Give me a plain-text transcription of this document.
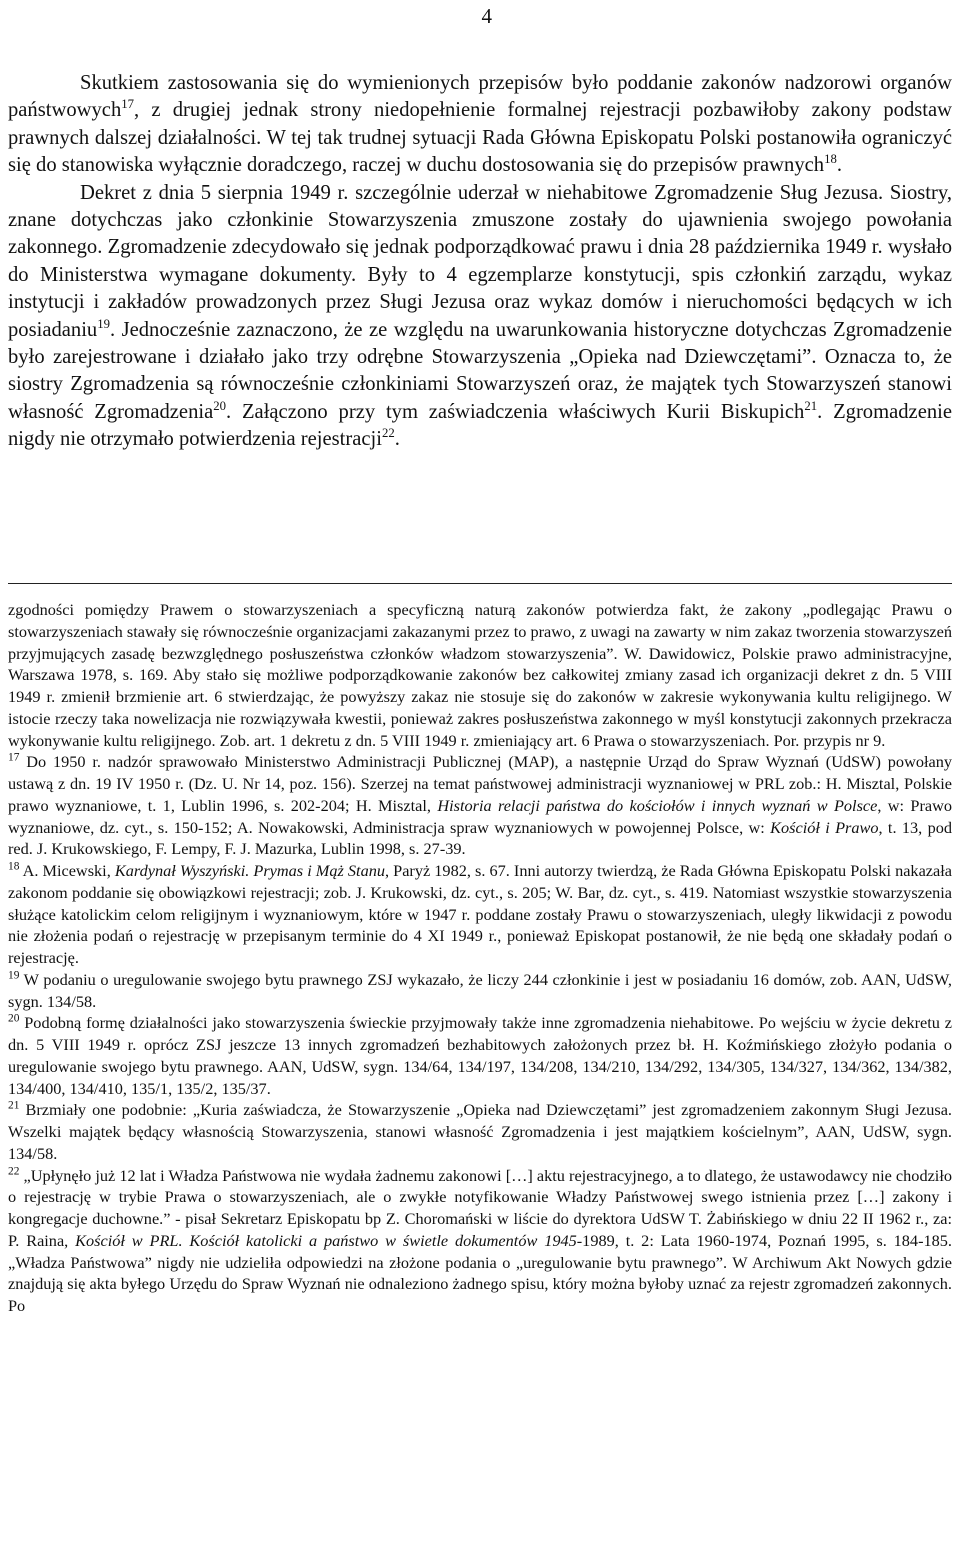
4

Skutkiem zastosowania się do wymienionych przepisów było poddanie zakonów nadzorowi organów państwowych$^{17}$, z drugiej jednak strony niedopełnienie formalnej rejestracji pozbawiłoby zakony podstaw prawnych dalszej działalności. W tej tak trudnej sytuacji Rada Główna Episkopatu Polski postanowiła ograniczyć się do stanowiska wyłącznie doradczego, raczej w duchu dostosowania się do przepisów prawnych$^{18}$.

Dekret z dnia 5 sierpnia 1949 r. szczególnie uderzał w niehabitowe Zgromadzenie Sług Jezusa. Siostry, znane dotychczas jako członkinie Stowarzyszenia zmuszone zostały do ujawnienia swojego powołania zakonnego. Zgromadzenie zdecydowało się jednak podporządkować prawu i dnia 28 października 1949 r. wysłało do Ministerstwa wymagane dokumenty. Były to 4 egzemplarze konstytucji, spis członkiń zarządu, wykaz instytucji i zakładów prowadzonych przez Sługi Jezusa oraz wykaz domów i nieruchomości będących w ich posiadaniu$^{19}$. Jednocześnie zaznaczono, że ze względu na uwarunkowania historyczne dotychczas Zgromadzenie było zarejestrowane i działało jako trzy odrębne Stowarzyszenia „Opieka nad Dziewczętami”. Oznacza to, że siostry Zgromadzenia są równocześnie członkiniami Stowarzyszeń oraz, że majątek tych Stowarzyszeń stanowi własność Zgromadzenia$^{20}$. Załączono przy tym zaświadczenia właściwych Kurii Biskupich$^{21}$. Zgromadzenie nigdy nie otrzymało potwierdzenia rejestracji$^{22}$.

zgodności pomiędzy Prawem o stowarzyszeniach a specyficzną naturą zakonów potwierdza fakt, że zakony „podlegając Prawu o stowarzyszeniach stawały się równocześnie organizacjami zakazanymi przez to prawo, z uwagi na zawarty w nim zakaz tworzenia stowarzyszeń przyjmujących zasadę bezwzględnego posłuszeństwa członków władzom stowarzyszenia”. W. Dawidowicz, Polskie prawo administracyjne, Warszawa 1978, s. 169. Aby stało się możliwe podporządkowanie zakonów bez całkowitej zmiany zasad ich organizacji dekret z dn. 5 VIII 1949 r. zmienił brzmienie art. 6 stwierdzając, że powyższy zakaz nie stosuje się do zakonów w zakresie wykonywania kultu religijnego. W istocie rzeczy taka nowelizacja nie rozwiązywała kwestii, ponieważ zakres posłuszeństwa zakonnego w myśl konstytucji zakonnych przekracza wykonywanie kultu religijnego. Zob. art. 1 dekretu z dn. 5 VIII 1949 r. zmieniający art. 6 Prawa o stowarzyszeniach. Por. przypis nr 9.

$^{17}$ Do 1950 r. nadzór sprawowało Ministerstwo Administracji Publicznej (MAP), a następnie Urząd do Spraw Wyznań (UdSW) powołany ustawą z dn. 19 IV 1950 r. (Dz. U. Nr 14, poz. 156). Szerzej na temat państwowej administracji wyznaniowej w PRL zob.: H. Misztal, Polskie prawo wyznaniowe, t. 1, Lublin 1996, s. 202-204; H. Misztal, Historia relacji państwa do kościołów i innych wyznań w Polsce, w: Prawo wyznaniowe, dz. cyt., s. 150-152; A. Nowakowski, Administracja spraw wyznaniowych w powojennej Polsce, w: Kościół i Prawo, t. 13, pod red. J. Krukowskiego, F. Lempy, F. J. Mazurka, Lublin 1998, s. 27-39.

$^{18}$ A. Micewski, Kardynał Wyszyński. Prymas i Mąż Stanu, Paryż 1982, s. 67. Inni autorzy twierdzą, że Rada Główna Episkopatu Polski nakazała zakonom poddanie się obowiązkowi rejestracji; zob. J. Krukowski, dz. cyt., s. 205; W. Bar, dz. cyt., s. 419. Natomiast wszystkie stowarzyszenia służące katolickim celom religijnym i wyznaniowym, które w 1947 r. poddane zostały Prawu o stowarzyszeniach, uległy likwidacji z powodu nie złożenia podań o rejestrację w przepisanym terminie do 4 XI 1949 r., ponieważ Episkopat postanowił, że nie będą one składały podań o rejestrację.

$^{19}$ W podaniu o uregulowanie swojego bytu prawnego ZSJ wykazało, że liczy 244 członkinie i jest w posiadaniu 16 domów, zob. AAN, UdSW, sygn. 134/58.

$^{20}$ Podobną formę działalności jako stowarzyszenia świeckie przyjmowały także inne zgromadzenia niehabitowe. Po wejściu w życie dekretu z dn. 5 VIII 1949 r. oprócz ZSJ jeszcze 13 innych zgromadzeń bezhabitowych założonych przez bł. H. Koźmińskiego złożyło podania o uregulowanie swojego bytu prawnego. AAN, UdSW, sygn. 134/64, 134/197, 134/208, 134/210, 134/292, 134/305, 134/327, 134/362, 134/382, 134/400, 134/410, 135/1, 135/2, 135/37.

$^{21}$ Brzmiały one podobnie: „Kuria zaświadcza, że Stowarzyszenie „Opieka nad Dziewczętami” jest zgromadzeniem zakonnym Sługi Jezusa. Wszelki majątek będący własnością Stowarzyszenia, stanowi własność Zgromadzenia i jest majątkiem kościelnym”, AAN, UdSW, sygn. 134/58.

$^{22}$ „Upłynęło już 12 lat i Władza Państwowa nie wydała żadnemu zakonowi […] aktu rejestracyjnego, a to dlatego, że ustawodawcy nie chodziło o rejestrację w trybie Prawa o stowarzyszeniach, ale o zwykłe notyfikowanie Władzy Państwowej swego istnienia przez […] zakony i kongregacje duchowne.” - pisał Sekretarz Episkopatu bp Z. Choromański w liście do dyrektora UdSW T. Żabińskiego w dniu 22 II 1962 r., za: P. Raina, Kościół w PRL. Kościół katolicki a państwo w świetle dokumentów 1945-1989, t. 2: Lata 1960-1974, Poznań 1995, s. 184-185. „Władza Państwowa” nigdy nie udzieliła odpowiedzi na złożone podania o „uregulowanie bytu prawnego”. W Archiwum Akt Nowych gdzie znajdują się akta byłego Urzędu do Spraw Wyznań nie odnaleziono żadnego spisu, który można byłoby uznać za rejestr zgromadzeń zakonnych. Po
